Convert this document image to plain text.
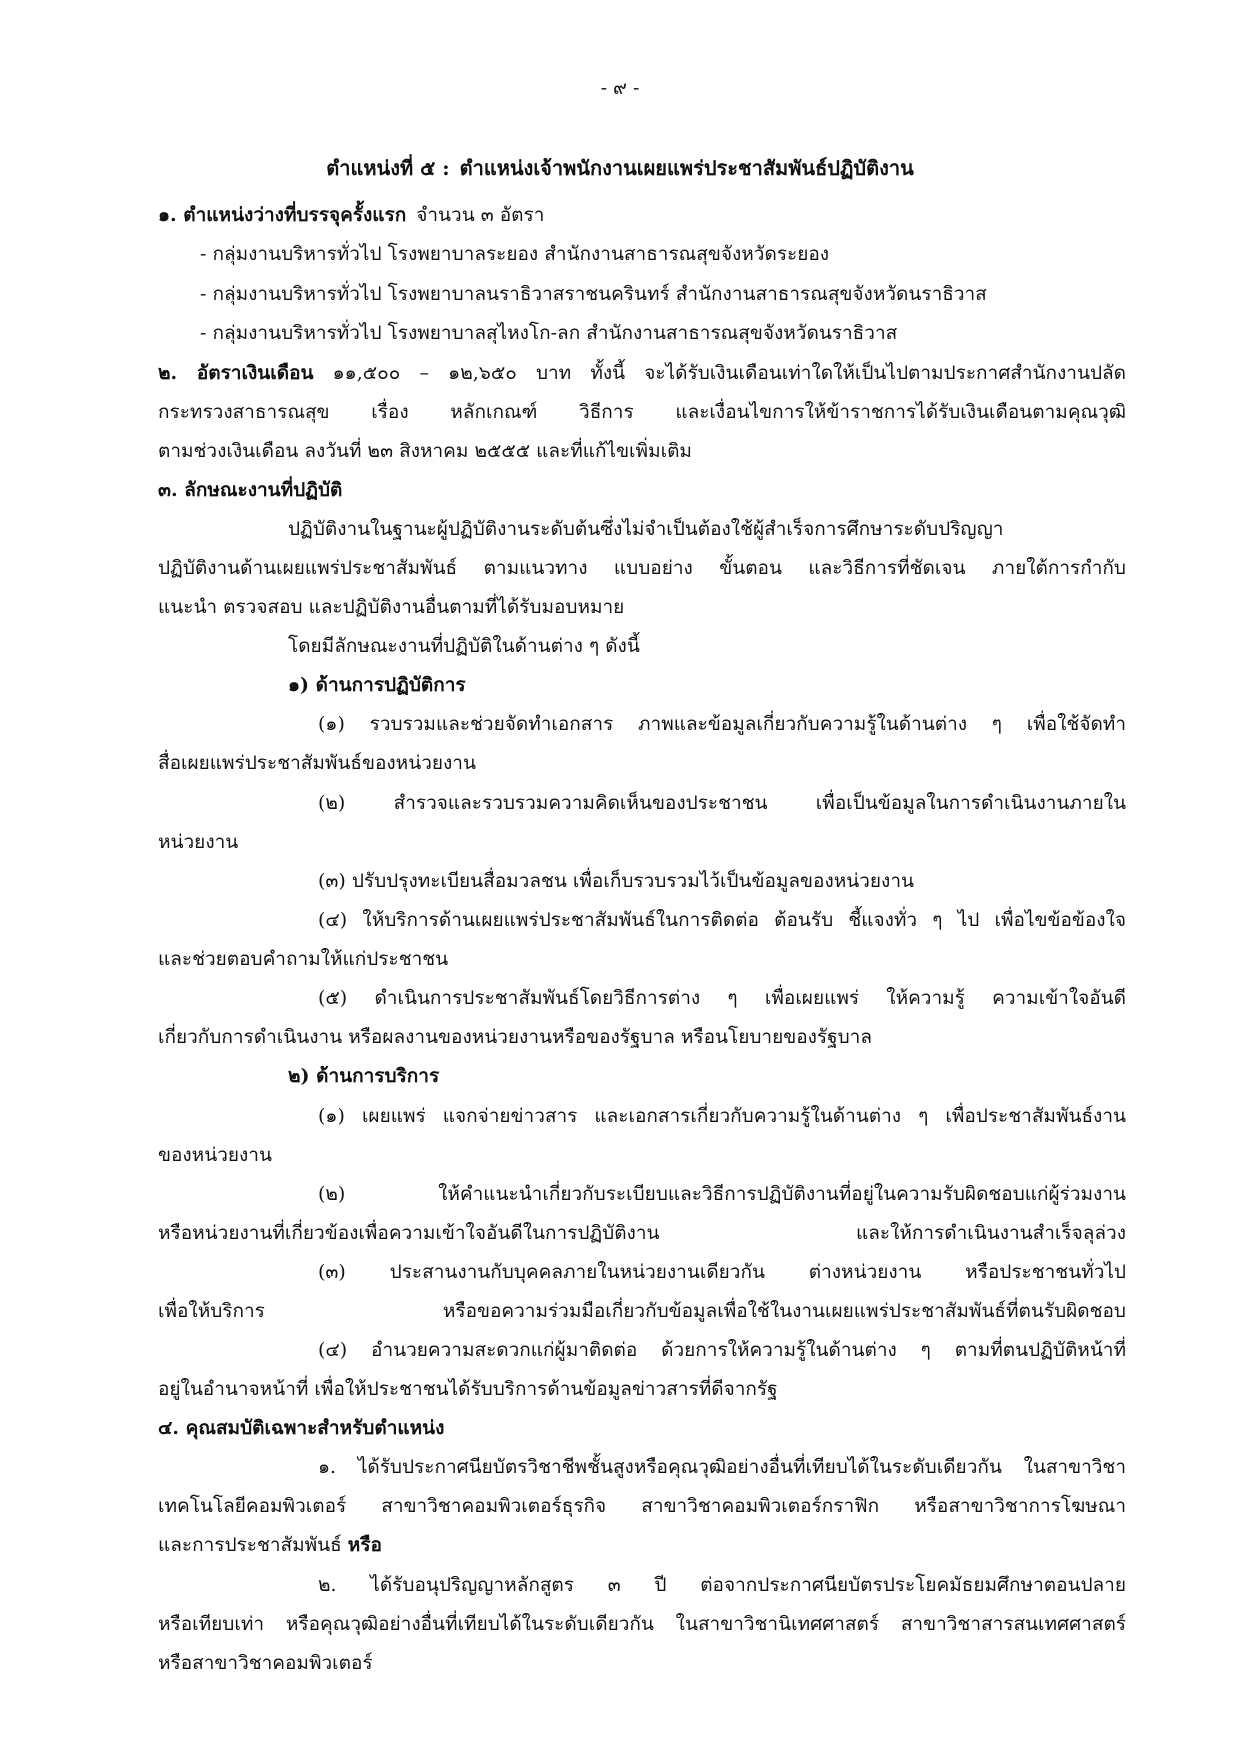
- ๙ -
ตำแหน่งที่ ๕ : ตำแหน่งเจ้าพนักงานเผยแพร่ประชาสัมพันธ์ปฏิบัติงาน
๑. ตำแหน่งว่างที่บรรจุครั้งแรก จำนวน ๓ อัตรา
- กลุ่มงานบริหารทั่วไป โรงพยาบาลระยอง สำนักงานสาธารณสุขจังหวัดระยอง
- กลุ่มงานบริหารทั่วไป โรงพยาบาลนราธิวาสราชนครินทร์ สำนักงานสาธารณสุขจังหวัดนราธิวาส
- กลุ่มงานบริหารทั่วไป โรงพยาบาลสุไหงโก-ลก สำนักงานสาธารณสุขจังหวัดนราธิวาส
๒. อัตราเงินเดือน ๑๑,๕๐๐ – ๑๒,๖๕๐ บาท ทั้งนี้ จะได้รับเงินเดือนเท่าใดให้เป็นไปตามประกาศสำนักงานปลัด
กระทรวงสาธารณสุข เรื่อง หลักเกณฑ์ วิธีการ และเงื่อนไขการให้ข้าราชการได้รับเงินเดือนตามคุณวุฒิ
ตามช่วงเงินเดือน ลงวันที่ ๒๓ สิงหาคม ๒๕๕๕ และที่แก้ไขเพิ่มเติม
๓. ลักษณะงานที่ปฏิบัติ
ปฏิบัติงานในฐานะผู้ปฏิบัติงานระดับต้นซึ่งไม่จำเป็นต้องใช้ผู้สำเร็จการศึกษาระดับปริญญา
ปฏิบัติงานด้านเผยแพร่ประชาสัมพันธ์ ตามแนวทาง แบบอย่าง ขั้นตอน และวิธีการที่ชัดเจน ภายใต้การกำกับ
แนะนำ ตรวจสอบ และปฏิบัติงานอื่นตามที่ได้รับมอบหมาย
โดยมีลักษณะงานที่ปฏิบัติในด้านต่าง ๆ ดังนี้
๑) ด้านการปฏิบัติการ
(๑) รวบรวมและช่วยจัดทำเอกสาร ภาพและข้อมูลเกี่ยวกับความรู้ในด้านต่าง ๆ เพื่อใช้จัดทำ
สื่อเผยแพร่ประชาสัมพันธ์ของหน่วยงาน
(๒) สำรวจและรวบรวมความคิดเห็นของประชาชน เพื่อเป็นข้อมูลในการดำเนินงานภายใน
หน่วยงาน
(๓) ปรับปรุงทะเบียนสื่อมวลชน เพื่อเก็บรวบรวมไว้เป็นข้อมูลของหน่วยงาน
(๔) ให้บริการด้านเผยแพร่ประชาสัมพันธ์ในการติดต่อ ต้อนรับ ชี้แจงทั่ว ๆ ไป เพื่อไขข้อข้องใจ
และช่วยตอบคำถามให้แก่ประชาชน
(๕) ดำเนินการประชาสัมพันธ์โดยวิธีการต่าง ๆ เพื่อเผยแพร่ ให้ความรู้ ความเข้าใจอันดี
เกี่ยวกับการดำเนินงาน หรือผลงานของหน่วยงานหรือของรัฐบาล หรือนโยบายของรัฐบาล
๒) ด้านการบริการ
(๑) เผยแพร่ แจกจ่ายข่าวสาร และเอกสารเกี่ยวกับความรู้ในด้านต่าง ๆ เพื่อประชาสัมพันธ์งาน
ของหน่วยงาน
(๒) ให้คำแนะนำเกี่ยวกับระเบียบและวิธีการปฏิบัติงานที่อยู่ในความรับผิดชอบแก่ผู้ร่วมงาน
หรือหน่วยงานที่เกี่ยวข้องเพื่อความเข้าใจอันดีในการปฏิบัติงาน และให้การดำเนินงานสำเร็จลุล่วง
(๓) ประสานงานกับบุคคลภายในหน่วยงานเดียวกัน ต่างหน่วยงาน หรือประชาชนทั่วไป
เพื่อให้บริการ หรือขอความร่วมมือเกี่ยวกับข้อมูลเพื่อใช้ในงานเผยแพร่ประชาสัมพันธ์ที่ตนรับผิดชอบ
(๔) อำนวยความสะดวกแก่ผู้มาติดต่อ ด้วยการให้ความรู้ในด้านต่าง ๆ ตามที่ตนปฏิบัติหน้าที่
อยู่ในอำนาจหน้าที่ เพื่อให้ประชาชนได้รับบริการด้านข้อมูลข่าวสารที่ดีจากรัฐ
๔. คุณสมบัติเฉพาะสำหรับตำแหน่ง
๑. ได้รับประกาศนียบัตรวิชาชีพชั้นสูงหรือคุณวุฒิอย่างอื่นที่เทียบได้ในระดับเดียวกัน ในสาขาวิชา
เทคโนโลยีคอมพิวเตอร์ สาขาวิชาคอมพิวเตอร์ธุรกิจ สาขาวิชาคอมพิวเตอร์กราฟิก หรือสาขาวิชาการโฆษณา
และการประชาสัมพันธ์ หรือ
๒. ได้รับอนุปริญญาหลักสูตร ๓ ปี ต่อจากประกาศนียบัตรประโยคมัธยมศึกษาตอนปลาย
หรือเทียบเท่า หรือคุณวุฒิอย่างอื่นที่เทียบได้ในระดับเดียวกัน ในสาขาวิชานิเทศศาสตร์ สาขาวิชาสารสนเทศศาสตร์
หรือสาขาวิชาคอมพิวเตอร์
